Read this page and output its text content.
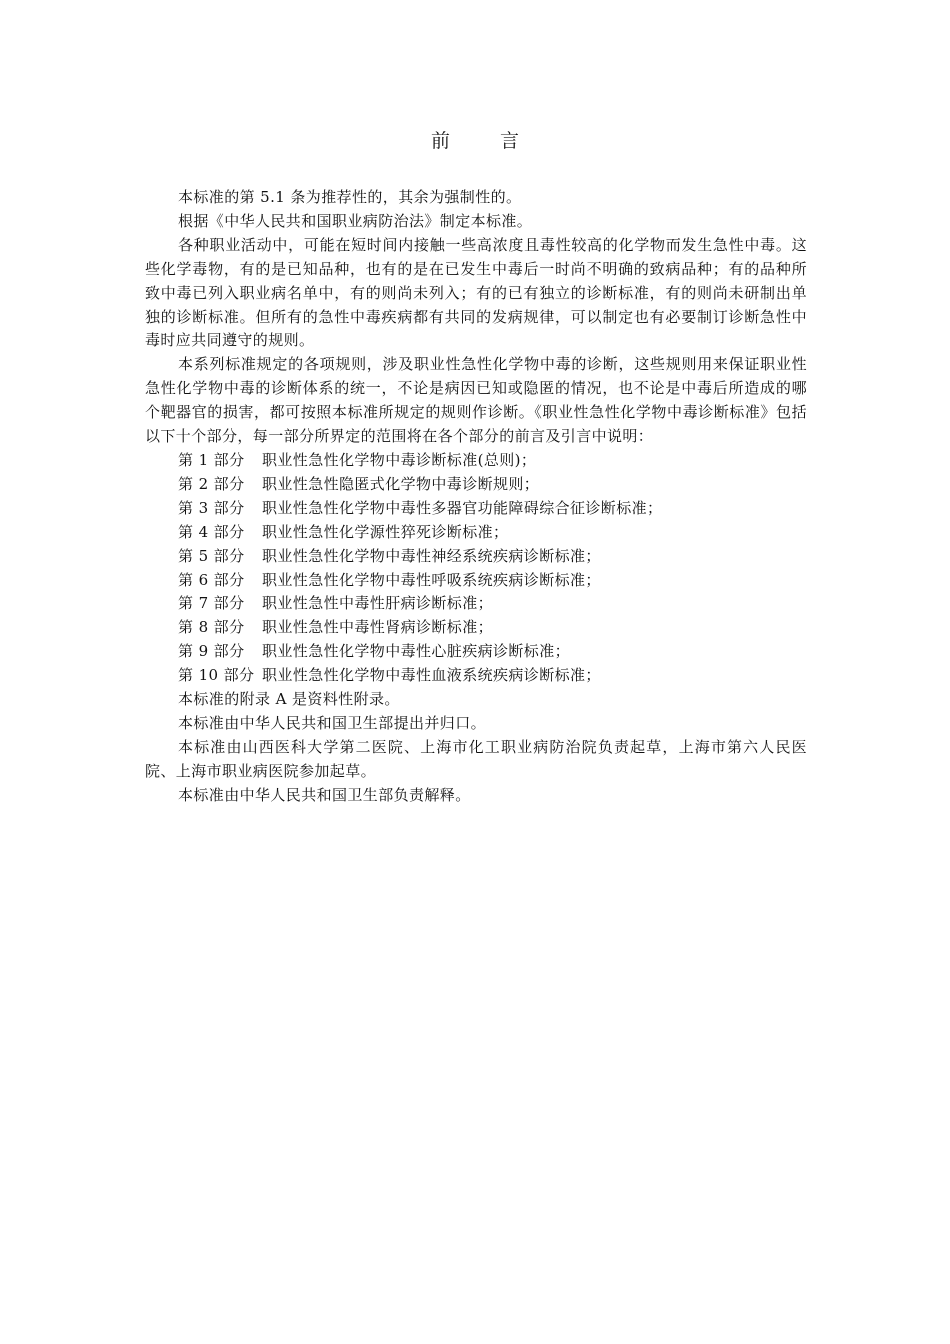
前 言

本标准的第 5.1 条为推荐性的，其余为强制性的。

根据《中华人民共和国职业病防治法》制定本标准。

各种职业活动中，可能在短时间内接触一些高浓度且毒性较高的化学物而发生急性中毒。这些化学毒物，有的是已知品种，也有的是在已发生中毒后一时尚不明确的致病品种；有的品种所致中毒已列入职业病名单中，有的则尚未列入；有的已有独立的诊断标准，有的则尚未研制出单独的诊断标准。但所有的急性中毒疾病都有共同的发病规律，可以制定也有必要制订诊断急性中毒时应共同遵守的规则。

本系列标准规定的各项规则，涉及职业性急性化学物中毒的诊断，这些规则用来保证职业性急性化学物中毒的诊断体系的统一，不论是病因已知或隐匿的情况，也不论是中毒后所造成的哪个靶器官的损害，都可按照本标准所规定的规则作诊断。《职业性急性化学物中毒诊断标准》包括以下十个部分，每一部分所界定的范围将在各个部分的前言及引言中说明：

第 1 部分 职业性急性化学物中毒诊断标准(总则)；

第 2 部分 职业性急性隐匿式化学物中毒诊断规则；

第 3 部分 职业性急性化学物中毒性多器官功能障碍综合征诊断标准；

第 4 部分 职业性急性化学源性猝死诊断标准；

第 5 部分 职业性急性化学物中毒性神经系统疾病诊断标准；

第 6 部分 职业性急性化学物中毒性呼吸系统疾病诊断标准；

第 7 部分 职业性急性中毒性肝病诊断标准；

第 8 部分 职业性急性中毒性肾病诊断标准；

第 9 部分 职业性急性化学物中毒性心脏疾病诊断标准；

第 10 部分 职业性急性化学物中毒性血液系统疾病诊断标准；

本标准的附录 A 是资料性附录。

本标准由中华人民共和国卫生部提出并归口。

本标准由山西医科大学第二医院、上海市化工职业病防治院负责起草，上海市第六人民医院、上海市职业病医院参加起草。

本标准由中华人民共和国卫生部负责解释。
